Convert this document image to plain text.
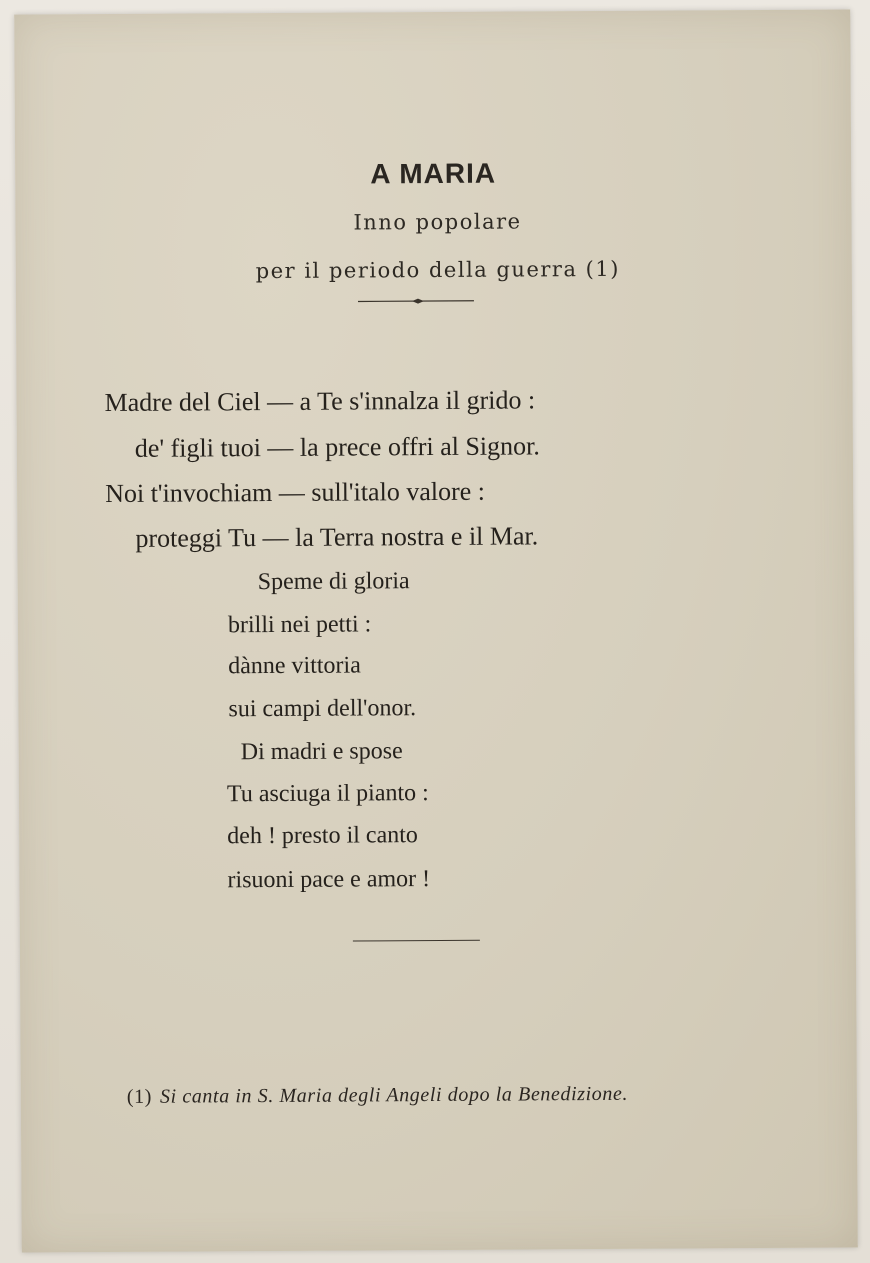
A MARIA
Inno popolare
per il periodo della guerra (1)
Madre del Ciel — a Te s'innalza il grido :
de' figli tuoi — la prece offri al Signor.
Noi t'invochiam — sull'italo valore :
proteggi Tu — la Terra nostra e il Mar.
Speme di gloria
brilli nei petti :
dànne vittoria
sui campi dell'onor.
Di madri e spose
Tu asciuga il pianto :
deh ! presto il canto
risuoni pace e amor !
(1) Si canta in S. Maria degli Angeli dopo la Benedizione.
